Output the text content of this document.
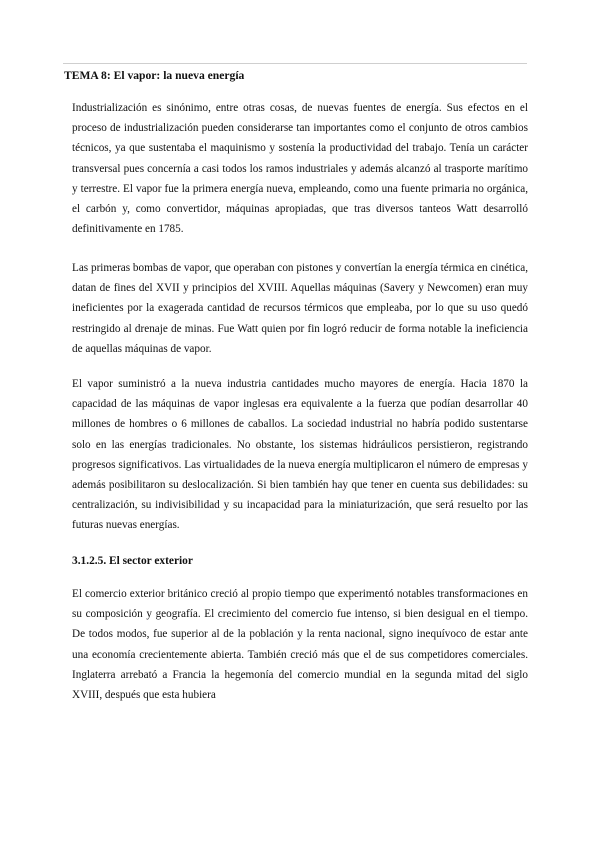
TEMA 8: El vapor: la nueva energía

Industrialización es sinónimo, entre otras cosas, de nuevas fuentes de energía. Sus efectos en el proceso de industrialización pueden considerarse tan importantes como el conjunto de otros cambios técnicos, ya que sustentaba el maquinismo y sostenía la productividad del trabajo. Tenía un carácter transversal pues concernía a casi todos los ramos industriales y además alcanzó al trasporte marítimo y terrestre. El vapor fue la primera energía nueva, empleando, como una fuente primaria no orgánica, el carbón y, como convertidor, máquinas apropiadas, que tras diversos tanteos Watt desarrolló definitivamente en 1785.

Las primeras bombas de vapor, que operaban con pistones y convertían la energía térmica en cinética, datan de fines del XVII y principios del XVIII. Aquellas máquinas (Savery y Newcomen) eran muy ineficientes por la exagerada cantidad de recursos térmicos que empleaba, por lo que su uso quedó restringido al drenaje de minas. Fue Watt quien por fin logró reducir de forma notable la ineficiencia de aquellas máquinas de vapor.

El vapor suministró a la nueva industria cantidades mucho mayores de energía. Hacia 1870 la capacidad de las máquinas de vapor inglesas era equivalente a la fuerza que podían desarrollar 40 millones de hombres o 6 millones de caballos. La sociedad industrial no habría podido sustentarse solo en las energías tradicionales. No obstante, los sistemas hidráulicos persistieron, registrando progresos significativos. Las virtualidades de la nueva energía multiplicaron el número de empresas y además posibilitaron su deslocalización. Si bien también hay que tener en cuenta sus debilidades: su centralización, su indivisibilidad y su incapacidad para la miniaturización, que será resuelto por las futuras nuevas energías.

3.1.2.5. El sector exterior

El comercio exterior británico creció al propio tiempo que experimentó notables transformaciones en su composición y geografía. El crecimiento del comercio fue intenso, si bien desigual en el tiempo. De todos modos, fue superior al de la población y la renta nacional, signo inequívoco de estar ante una economía crecientemente abierta. También creció más que el de sus competidores comerciales. Inglaterra arrebató a Francia la hegemonía del comercio mundial en la segunda mitad del siglo XVIII, después que esta hubiera
